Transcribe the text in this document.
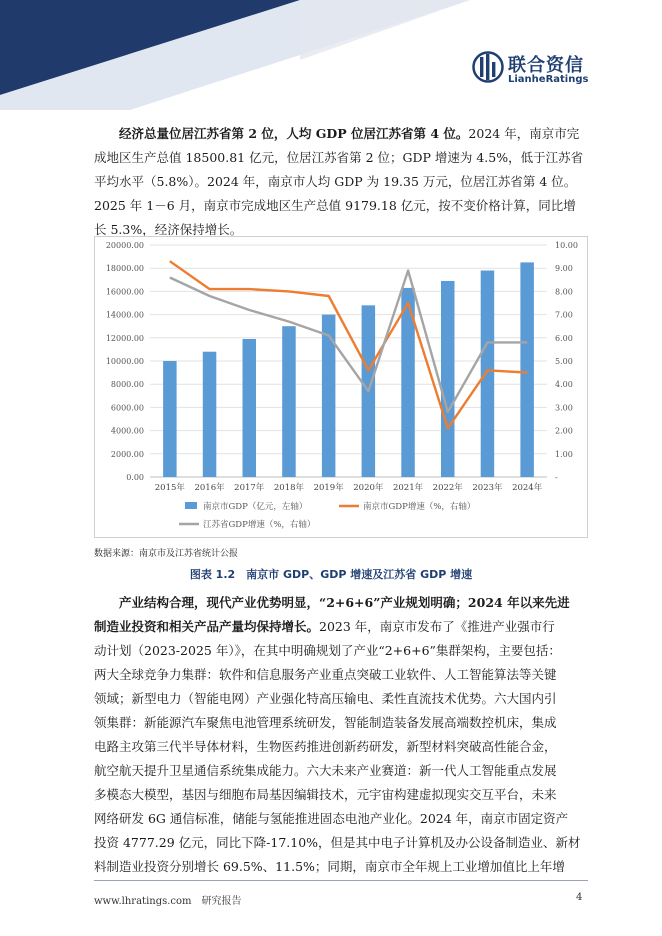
联合资信
LianheRatings
经济总量位居江苏省第 2 位，人均 GDP 位居江苏省第 4 位。2024 年，南京市完
成地区生产总值 18500.81 亿元，位居江苏省第 2 位；GDP 增速为 4.5%，低于江苏省
平均水平（5.8%）。2024 年，南京市人均 GDP 为 19.35 万元，位居江苏省第 4 位。
2025 年 1－6 月，南京市完成地区生产总值 9179.18 亿元，按不变价格计算，同比增
长 5.3%，经济保持增长。
0.00
2000.00
4000.00
6000.00
8000.00
10000.00
12000.00
14000.00
16000.00
18000.00
20000.00
-
1.00
2.00
3.00
4.00
5.00
6.00
7.00
8.00
9.00
10.00
2015年 2016年 2017年 2018年 2019年 2020年 2021年 2022年 2023年 2024年
南京市GDP（亿元，左轴）	南京市GDP增速（%，右轴）
江苏省GDP增速（%，右轴）
数据来源：南京市及江苏省统计公报
图表 1.2　南京市 GDP、GDP 增速及江苏省 GDP 增速
产业结构合理，现代产业优势明显，“2+6+6”产业规划明确；2024 年以来先进
制造业投资和相关产品产量均保持增长。2023 年，南京市发布了《推进产业强市行
动计划（2023-2025 年）》，在其中明确规划了产业“2+6+6”集群架构，主要包括：
两大全球竞争力集群：软件和信息服务产业重点突破工业软件、人工智能算法等关键
领域；新型电力（智能电网）产业强化特高压输电、柔性直流技术优势。六大国内引
领集群：新能源汽车聚焦电池管理系统研发，智能制造装备发展高端数控机床，集成
电路主攻第三代半导体材料，生物医药推进创新药研发，新型材料突破高性能合金，
航空航天提升卫星通信系统集成能力。六大未来产业赛道：新一代人工智能重点发展
多模态大模型，基因与细胞布局基因编辑技术，元宇宙构建虚拟现实交互平台，未来
网络研发 6G 通信标准，储能与氢能推进固态电池产业化。2024 年，南京市固定资产
投资 4777.29 亿元，同比下降-17.10%，但是其中电子计算机及办公设备制造业、新材
料制造业投资分别增长 69.5%、11.5%；同期，南京市全年规上工业增加值比上年增
www.lhratings.com　研究报告	4
